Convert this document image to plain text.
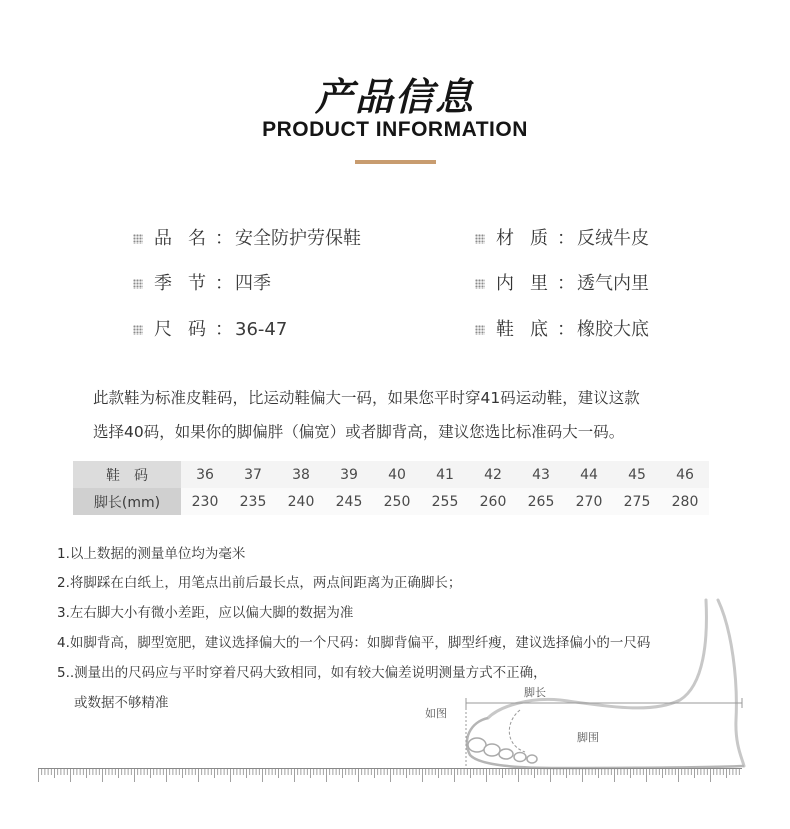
产品信息
PRODUCT INFORMATION
品名 ： 安全防护劳保鞋	材质 ： 反绒牛皮
季节 ： 四季	内里 ： 透气内里
尺码 ： 36-47	鞋底 ： 橡胶大底
此款鞋为标准皮鞋码，比运动鞋偏大一码，如果您平时穿41码运动鞋，建议这款
选择40码，如果你的脚偏胖（偏宽）或者脚背高，建议您选比标准码大一码。
鞋　码	36	37	38	39	40	41	42	43	44	45	46
脚长(mm)	230	235	240	245	250	255	260	265	270	275	280
1.以上数据的测量单位均为毫米
2.将脚踩在白纸上，用笔点出前后最长点，两点间距离为正确脚长；
3.左右脚大小有微小差距，应以偏大脚的数据为准
4.如脚背高，脚型宽肥，建议选择偏大的一个尺码：如脚背偏平，脚型纤瘦，建议选择偏小的一尺码
5..测量出的尺码应与平时穿着尺码大致相同，如有较大偏差说明测量方式不正确，
或数据不够精准
脚长
如图
脚围
